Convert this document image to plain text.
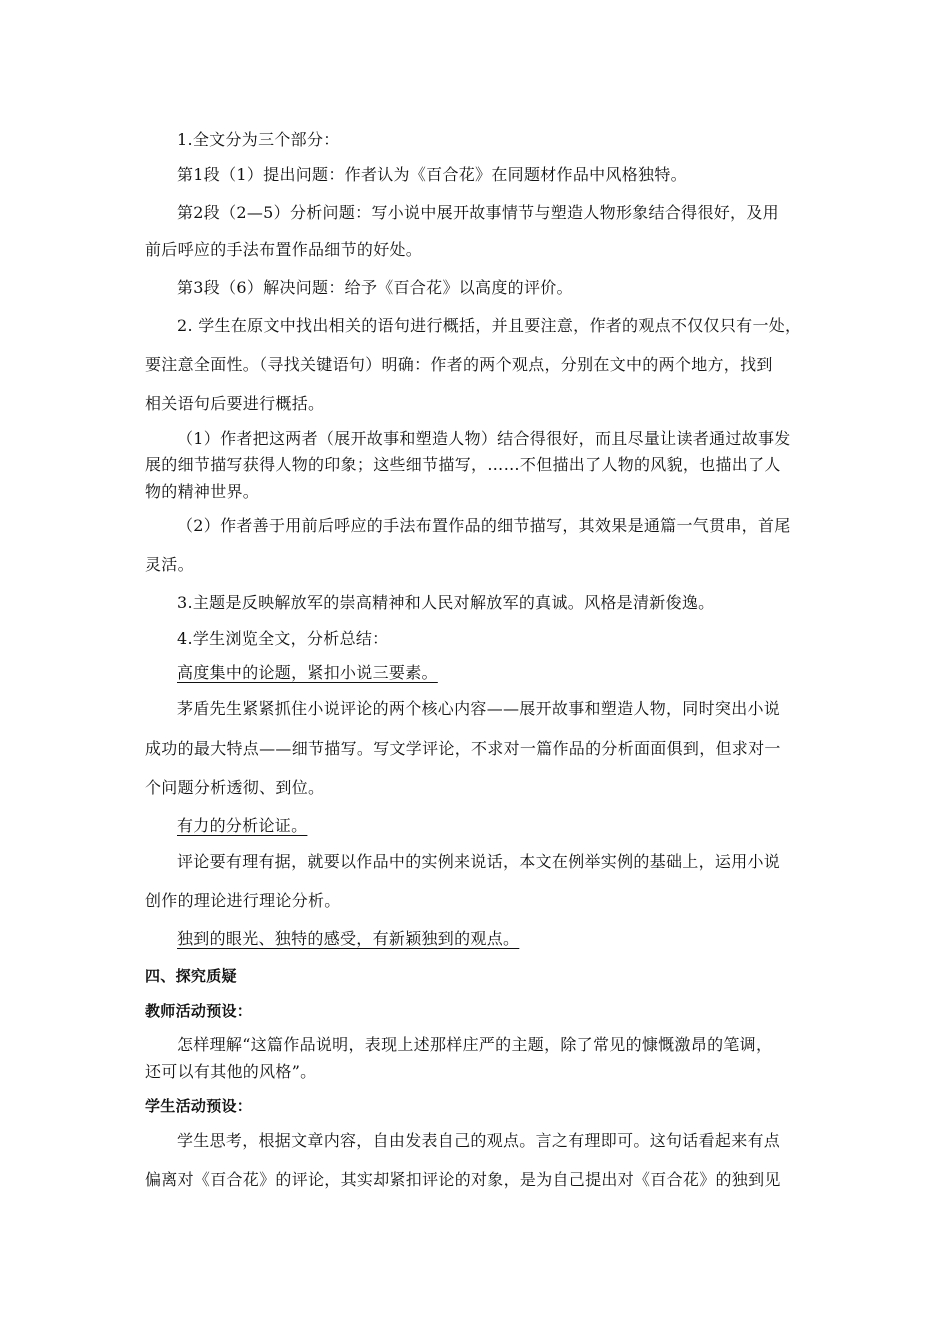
1.全文分为三个部分：
第1段（1）提出问题：作者认为《百合花》在同题材作品中风格独特。
第2段（2—5）分析问题：写小说中展开故事情节与塑造人物形象结合得很好，及用
前后呼应的手法布置作品细节的好处。
第3段（6）解决问题：给予《百合花》以高度的评价。
2. 学生在原文中找出相关的语句进行概括，并且要注意，作者的观点不仅仅只有一处，
要注意全面性。（寻找关键语句）明确：作者的两个观点，分别在文中的两个地方，找到
相关语句后要进行概括。
（1）作者把这两者（展开故事和塑造人物）结合得很好，而且尽量让读者通过故事发
展的细节描写获得人物的印象；这些细节描写，……不但描出了人物的风貌，也描出了人
物的精神世界。
（2）作者善于用前后呼应的手法布置作品的细节描写，其效果是通篇一气贯串，首尾
灵活。
3.主题是反映解放军的崇高精神和人民对解放军的真诚。风格是清新俊逸。
4.学生浏览全文，分析总结：
高度集中的论题，紧扣小说三要素。
茅盾先生紧紧抓住小说评论的两个核心内容——展开故事和塑造人物，同时突出小说
成功的最大特点——细节描写。写文学评论，不求对一篇作品的分析面面俱到，但求对一
个问题分析透彻、到位。
有力的分析论证。
评论要有理有据，就要以作品中的实例来说话，本文在例举实例的基础上，运用小说
创作的理论进行理论分析。
独到的眼光、独特的感受，有新颖独到的观点。
四、探究质疑
教师活动预设：
怎样理解“这篇作品说明，表现上述那样庄严的主题，除了常见的慷慨激昂的笔调，
还可以有其他的风格”。
学生活动预设：
学生思考，根据文章内容，自由发表自己的观点。言之有理即可。这句话看起来有点
偏离对《百合花》的评论，其实却紧扣评论的对象，是为自己提出对《百合花》的独到见
